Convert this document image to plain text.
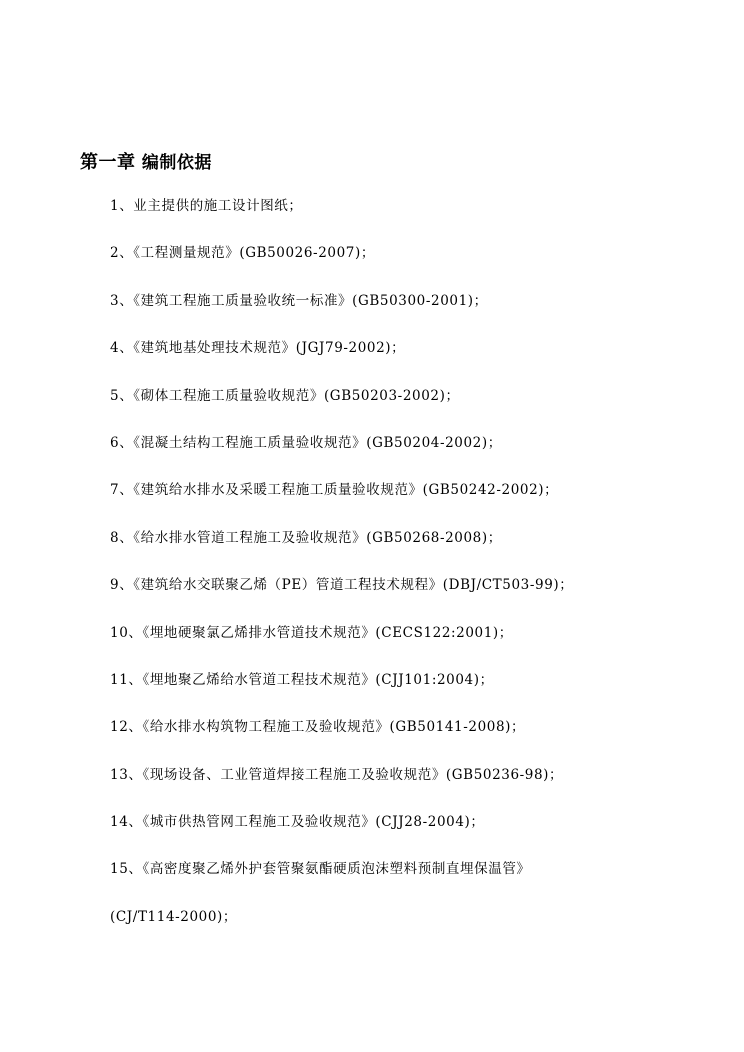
第一章 编制依据
1、业主提供的施工设计图纸；
2、《工程测量规范》(GB50026-2007)；
3、《建筑工程施工质量验收统一标准》(GB50300-2001)；
4、《建筑地基处理技术规范》(JGJ79-2002)；
5、《砌体工程施工质量验收规范》(GB50203-2002)；
6、《混凝土结构工程施工质量验收规范》(GB50204-2002)；
7、《建筑给水排水及采暖工程施工质量验收规范》(GB50242-2002)；
8、《给水排水管道工程施工及验收规范》(GB50268-2008)；
9、《建筑给水交联聚乙烯（PE）管道工程技术规程》(DBJ/CT503-99)；
10、《埋地硬聚氯乙烯排水管道技术规范》(CECS122:2001)；
11、《埋地聚乙烯给水管道工程技术规范》(CJJ101:2004)；
12、《给水排水构筑物工程施工及验收规范》(GB50141-2008)；
13、《现场设备、工业管道焊接工程施工及验收规范》(GB50236-98)；
14、《城市供热管网工程施工及验收规范》(CJJ28-2004)；
15、《高密度聚乙烯外护套管聚氨酯硬质泡沫塑料预制直埋保温管》
(CJ/T114-2000)；
